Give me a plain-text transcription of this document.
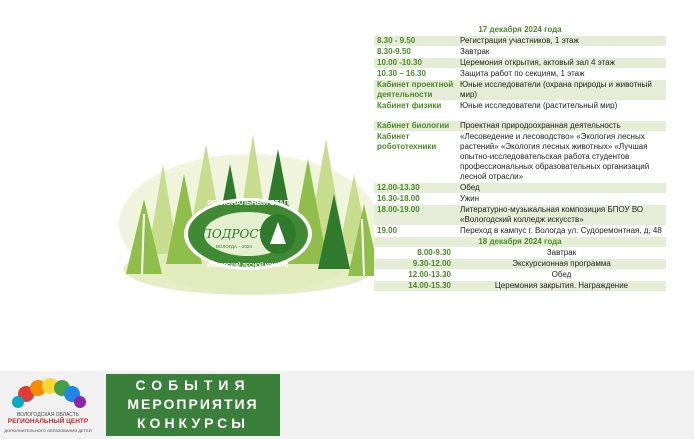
РЕГИОНАЛЬНЫЙ ЭТАП
ПОДРОСТ
ВОЛОГДА – 2024
ЮНИОРСКИЙ ЛЕСНОЙ КОНКУРС
17 декабря 2024 года	
8.30 - 9.50	Регистрация участников, 1 этаж
8.30-9.50	Завтрак
10.00 -10.30	Церемония открытия, актовый зал 4 этаж
10.30 – 16.30	Защита работ по секциям, 1 этаж
Кабинет проектной деятельности	Юные исследователи (охрана природы и животный мир)
Кабинет физики	Юные исследователи (растительный мир)

Кабинет биологии	Проектная природоохранная деятельность
Кабинет робототехники	«Лесоведение и лесоводство» «Экология лесных растений» «Экология лесных животных» «Лучшая опытно-исследовательская работа студентов профессиональных образовательных организаций лесной отрасли»
12.00-13.30	Обед
16.30-18.00	Ужин
18.00-19.00	Литературно-музыкальная композиция БПОУ ВО «Вологодский колледж искусств»
19.00	Переход в кампус г. Вологда ул. Судоремонтная, д. 48
18 декабря 2024 года	
8.00-9.30	Завтрак
9.30-12.00	Экскурсионная программа
12.00-13.30	Обед
14.00-15.30	Церемония закрытия. Награждение
ВОЛОГОДСКАЯ ОБЛАСТЬ
РЕГИОНАЛЬНЫЙ ЦЕНТР
ДОПОЛНИТЕЛЬНОГО ОБРАЗОВАНИЯ ДЕТЕЙ
СОБЫТИЯ
МЕРОПРИЯТИЯ
КОНКУРСЫ
